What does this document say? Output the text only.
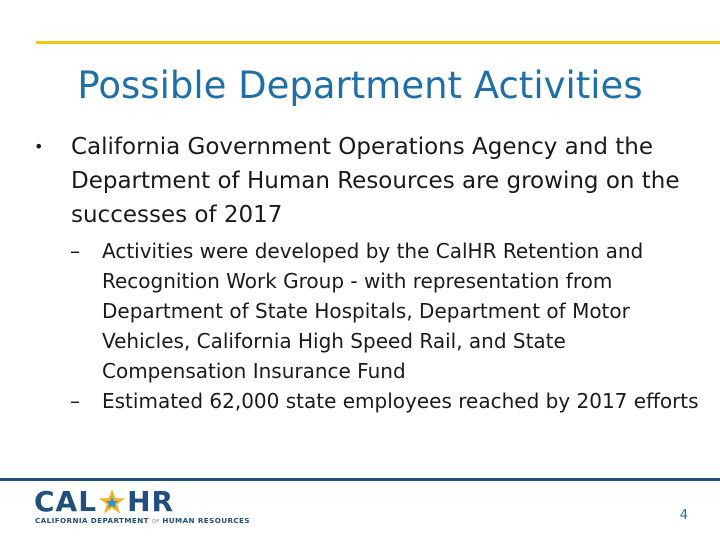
Possible Department Activities
•	California Government Operations Agency and the Department of Human Resources are growing on the successes of 2017
–	Activities were developed by the CalHR Retention and Recognition Work Group - with representation from Department of State Hospitals, Department of Motor Vehicles, California High Speed Rail, and State Compensation Insurance Fund
–	Estimated 62,000 state employees reached by 2017 efforts
CAL HR
CALIFORNIA DEPARTMENT OF HUMAN RESOURCES	4
